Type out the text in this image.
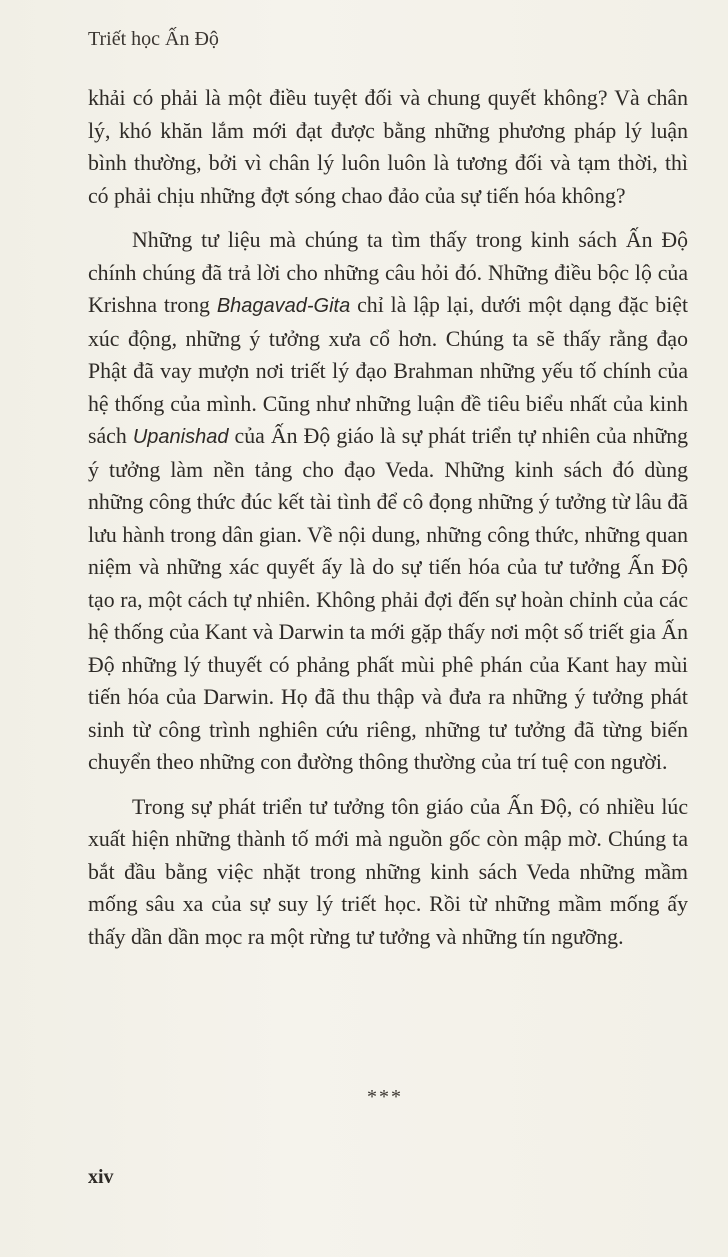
Triết học Ấn Độ

khải có phải là một điều tuyệt đối và chung quyết không? Và chân lý, khó khăn lắm mới đạt được bằng những phương pháp lý luận bình thường, bởi vì chân lý luôn luôn là tương đối và tạm thời, thì có phải chịu những đợt sóng chao đảo của sự tiến hóa không?

Những tư liệu mà chúng ta tìm thấy trong kinh sách Ấn Độ chính chúng đã trả lời cho những câu hỏi đó. Những điều bộc lộ của Krishna trong Bhagavad-Gita chỉ là lập lại, dưới một dạng đặc biệt xúc động, những ý tưởng xưa cổ hơn. Chúng ta sẽ thấy rằng đạo Phật đã vay mượn nơi triết lý đạo Brahman những yếu tố chính của hệ thống của mình. Cũng như những luận đề tiêu biểu nhất của kinh sách Upanishad của Ấn Độ giáo là sự phát triển tự nhiên của những ý tưởng làm nền tảng cho đạo Veda. Những kinh sách đó dùng những công thức đúc kết tài tình để cô đọng những ý tưởng từ lâu đã lưu hành trong dân gian. Về nội dung, những công thức, những quan niệm và những xác quyết ấy là do sự tiến hóa của tư tưởng Ấn Độ tạo ra, một cách tự nhiên. Không phải đợi đến sự hoàn chỉnh của các hệ thống của Kant và Darwin ta mới gặp thấy nơi một số triết gia Ấn Độ những lý thuyết có phảng phất mùi phê phán của Kant hay mùi tiến hóa của Darwin. Họ đã thu thập và đưa ra những ý tưởng phát sinh từ công trình nghiên cứu riêng, những tư tưởng đã từng biến chuyển theo những con đường thông thường của trí tuệ con người.

Trong sự phát triển tư tưởng tôn giáo của Ấn Độ, có nhiều lúc xuất hiện những thành tố mới mà nguồn gốc còn mập mờ. Chúng ta bắt đầu bằng việc nhặt trong những kinh sách Veda những mầm mống sâu xa của sự suy lý triết học. Rồi từ những mầm mống ấy thấy dần dần mọc ra một rừng tư tưởng và những tín ngưỡng.

***
xiv
